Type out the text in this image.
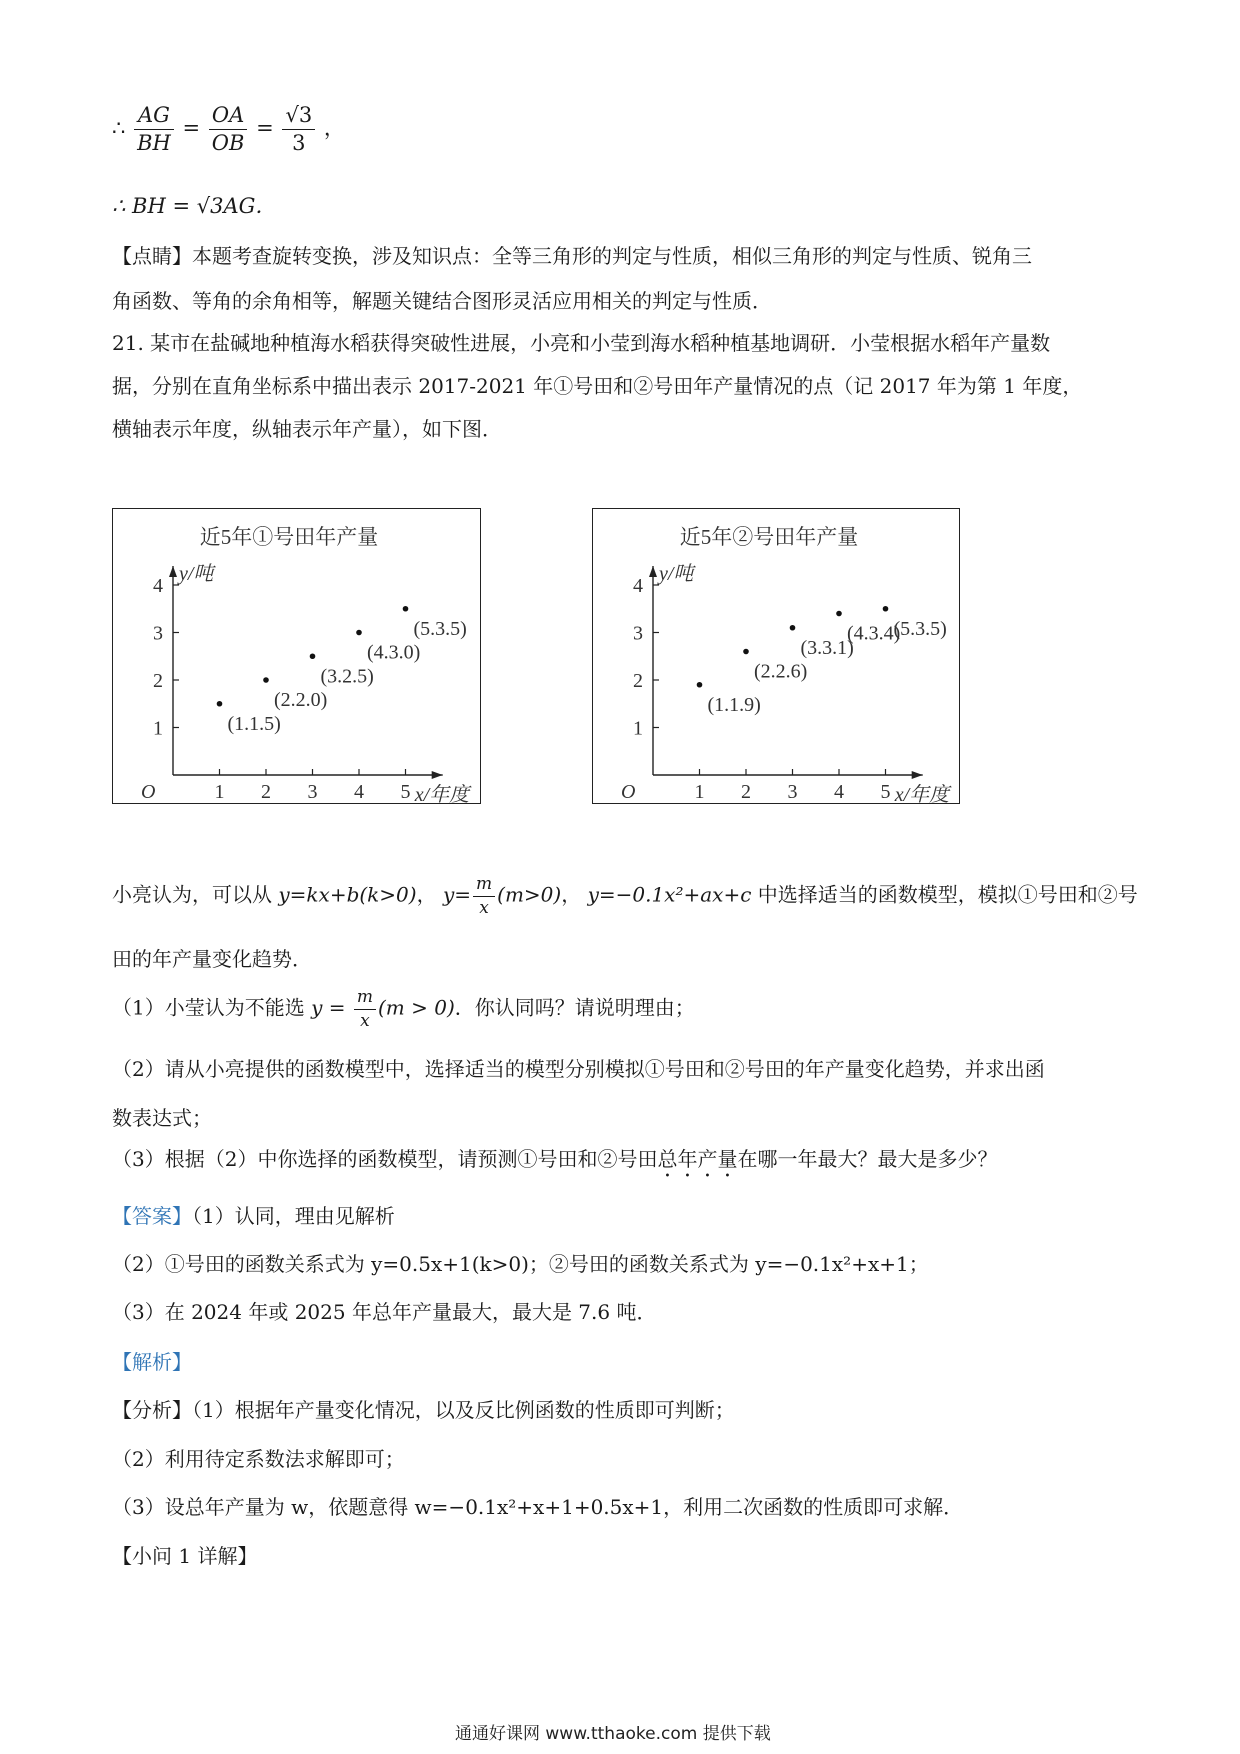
∴ $\frac{AG}{BH} = \frac{OA}{OB} = \frac{√3}{3}$ ，
∴ BH = √3AG．
【点睛】本题考查旋转变换，涉及知识点：全等三角形的判定与性质，相似三角形的判定与性质、锐角三
角函数、等角的余角相等，解题关键结合图形灵活应用相关的判定与性质．
21. 某市在盐碱地种植海水稻获得突破性进展，小亮和小莹到海水稻种植基地调研．小莹根据水稻年产量数
据，分别在直角坐标系中描出表示 2017-2021 年①号田和②号田年产量情况的点（记 2017 年为第 1 年度，
横轴表示年度，纵轴表示年产量），如下图．
近5年①号田年产量
1 2 3 4 5
1
2
3
4
O
y/吨
x/年度
(1.1.5)
(2.2.0)
(3.2.5)
(4.3.0)
(5.3.5)
近5年②号田年产量
1 2 3 4 5
1
2
3
4
O
y/吨
x/年度
(1.1.9)
(2.2.6)
(3.3.1)
(4.3.4)
(5.3.5)
小亮认为，可以从 y=kx+b(k>0)， $y= \frac{m}{x} (m>0)$， y=−0.1x²+ax+c 中选择适当的函数模型，模拟①号田和②号
田的年产量变化趋势．
（1）小莹认为不能选 $y = \frac{m}{x} (m > 0)$．你认同吗？请说明理由；
（2）请从小亮提供的函数模型中，选择适当的模型分别模拟①号田和②号田的年产量变化趋势，并求出函
数表达式；
（3）根据（2）中你选择的函数模型，请预测①号田和②号田总年产量在哪一年最大？最大是多少？
【答案】（1）认同，理由见解析
（2）①号田的函数关系式为 y=0.5x+1(k>0)；②号田的函数关系式为 y=−0.1x²+x+1；
（3）在 2024 年或 2025 年总年产量最大，最大是 7.6 吨．
【解析】
【分析】（1）根据年产量变化情况，以及反比例函数的性质即可判断；
（2）利用待定系数法求解即可；
（3）设总年产量为 w，依题意得 w=−0.1x²+x+1+0.5x+1，利用二次函数的性质即可求解．
【小问 1 详解】
通通好课网 www.tthaoke.com 提供下载
